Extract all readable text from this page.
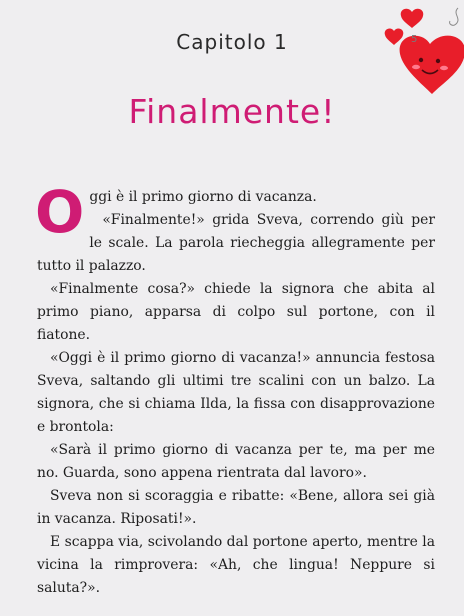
5
Capitolo 1
Finalmente!

Oggi è il primo giorno di vacanza.

«Finalmente!» grida Sveva, correndo giù per le scale. La parola riecheggia allegramente per tutto il palazzo.

«Finalmente cosa?» chiede la signora che abita al primo piano, apparsa di colpo sul portone, con il fiatone.

«Oggi è il primo giorno di vacanza!» annuncia festosa Sveva, saltando gli ultimi tre scalini con un balzo. La signora, che si chiama Ilda, la fissa con disapprovazione e brontola:

«Sarà il primo giorno di vacanza per te, ma per me no. Guarda, sono appena rientrata dal lavoro».

Sveva non si scoraggia e ribatte: «Bene, allora sei già in vacanza. Riposati!».

E scappa via, scivolando dal portone aperto, mentre la vicina la rimprovera: «Ah, che lingua! Neppure si saluta?».
